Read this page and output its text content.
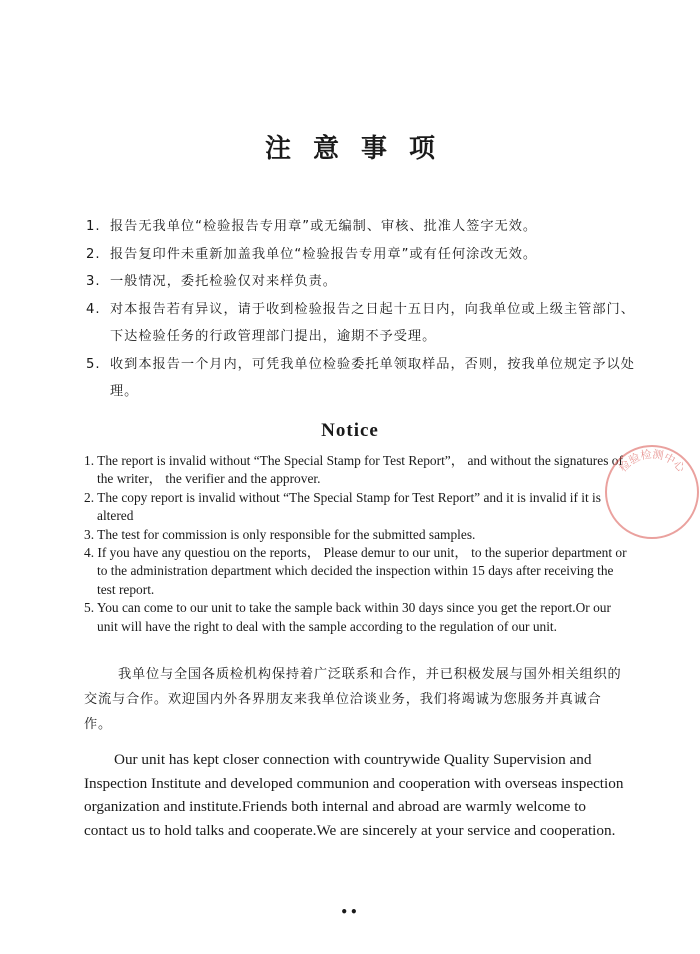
注意事项
1. 报告无我单位“检验报告专用章”或无编制、审核、批准人签字无效。
2. 报告复印件未重新加盖我单位“检验报告专用章”或有任何涂改无效。
3. 一般情况，委托检验仅对来样负责。
4. 对本报告若有异议，请于收到检验报告之日起十五日内，向我单位或上级主管部门、下达检验任务的行政管理部门提出，逾期不予受理。
5. 收到本报告一个月内，可凭我单位检验委托单领取样品，否则，按我单位规定予以处理。
Notice
1. The report is invalid without “The Special Stamp for Test Report”， and without the signatures of the writer， the verifier and the approver.
2. The copy report is invalid without “The Special Stamp for Test Report” and it is invalid if it is altered
3. The test for commission is only responsible for the submitted samples.
4. If you have any questiou on the reports， Please demur to our unit， to the superior department or to the administration department which decided the inspection within 15 days after receiving the test report.
5. You can come to our unit to take the sample back within 30 days since you get the report.Or our unit will have the right to deal with the sample according to the regulation of our unit.

我单位与全国各质检机构保持着广泛联系和合作，并已积极发展与国外相关组织的交流与合作。欢迎国内外各界朋友来我单位洽谈业务，我们将竭诚为您服务并真诚合作。

Our unit has kept closer connection with countrywide Quality Supervision and Inspection Institute and developed communion and cooperation with overseas inspection organization and institute.Friends both internal and abroad are warmly welcome to contact us to hold talks and cooperate.We are sincerely at your service and cooperation.

••
检验检测中心
